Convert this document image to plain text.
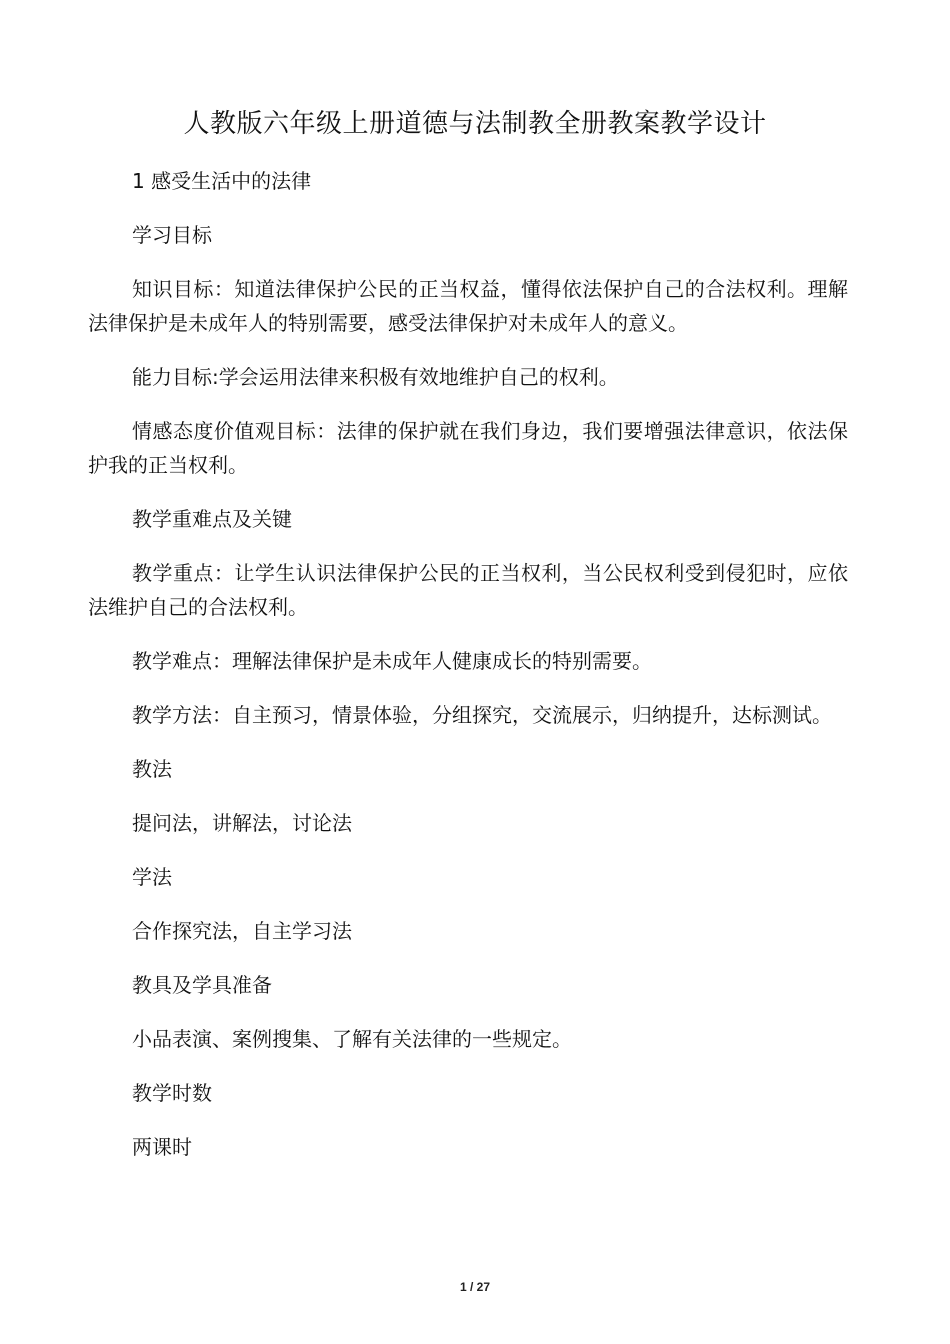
人教版六年级上册道德与法制教全册教案教学设计

1 感受生活中的法律

学习目标

知识目标：知道法律保护公民的正当权益，懂得依法保护自己的合法权利。理解法律保护是未成年人的特别需要，感受法律保护对未成年人的意义。

能力目标:学会运用法律来积极有效地维护自己的权利。

情感态度价值观目标：法律的保护就在我们身边，我们要增强法律意识，依法保护我的正当权利。

教学重难点及关键

教学重点：让学生认识法律保护公民的正当权利，当公民权利受到侵犯时，应依法维护自己的合法权利。

教学难点：理解法律保护是未成年人健康成长的特别需要。

教学方法：自主预习，情景体验，分组探究，交流展示，归纳提升，达标测试。

教法

提问法，讲解法，讨论法

学法

合作探究法，自主学习法

教具及学具准备

小品表演、案例搜集、了解有关法律的一些规定。

教学时数

两课时

1 / 27
